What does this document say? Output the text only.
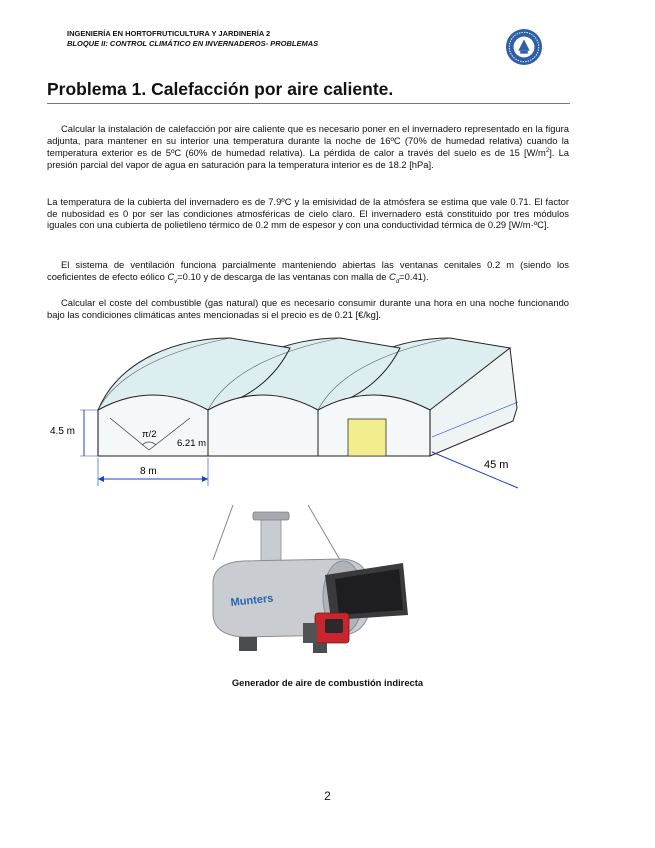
INGENIERÍA EN HORTOFRUTICULTURA Y JARDINERÍA 2
BLOQUE II: CONTROL CLIMÁTICO EN INVERNADEROS- PROBLEMAS
Problema 1. Calefacción por aire caliente.

Calcular la instalación de calefacción por aire caliente que es necesario poner en el invernadero representado en la figura adjunta, para mantener en su interior una temperatura durante la noche de 16ºC (70% de humedad relativa) cuando la temperatura exterior es de 5ºC (60% de humedad relativa). La pérdida de calor a través del suelo es de 15 $[W/m^2]$. La presión parcial del vapor de agua en saturación para la temperatura interior es de 18.2 [hPa].

La temperatura de la cubierta del invernadero es de 7.9ºC y la emisividad de la atmósfera se estima que vale 0.71. El factor de nubosidad es 0 por ser las condiciones atmosféricas de cielo claro. El invernadero está constituido por tres módulos iguales con una cubierta de polietileno térmico de 0.2 mm de espesor y con una conductividad térmica de 0.29 [W/m·ºC].

El sistema de ventilación funciona parcialmente manteniendo abiertas las ventanas cenitales 0.2 m (siendo los coeficientes de efecto eólico $C_v=0.10$ y de descarga de las ventanas con malla de $C_d=0.41$).

Calcular el coste del combustible (gas natural) que es necesario consumir durante una hora en una noche funcionando bajo las condiciones climáticas antes mencionadas si el precio es de 0.21 [€/kg].

4.5 m	π/2
6.21 m
8 m
45 m
Munters
Generador de aire de combustión indirecta
2
